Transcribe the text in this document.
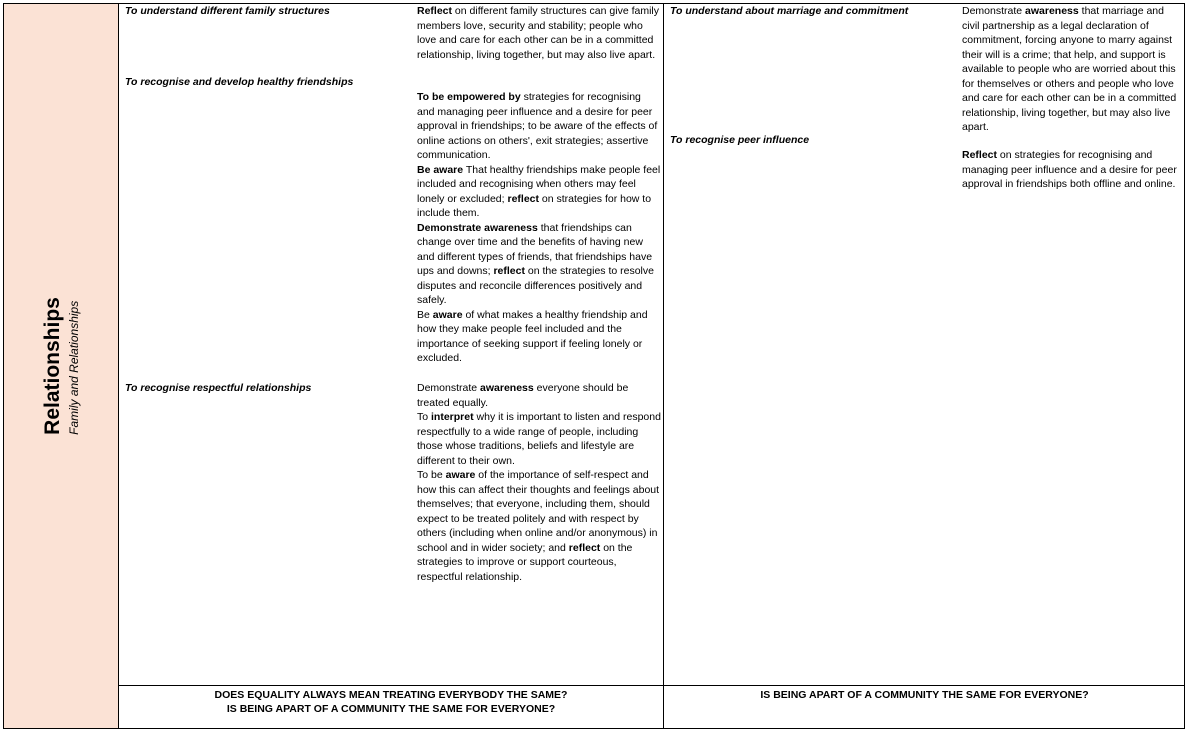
Relationships Family and Relationships
To understand different family structures
To recognise and develop healthy friendships
To recognise respectful relationships

Reflect on different family structures can give family members love, security and stability; people who love and care for each other can be in a committed relationship, living together, but may also live apart.

To be empowered by strategies for recognising and managing peer influence and a desire for peer approval in friendships; to be aware of the effects of online actions on others', exit strategies; assertive communication.

Be aware That healthy friendships make people feel included and recognising when others may feel lonely or excluded; reflect on strategies for how to include them.

Demonstrate awareness that friendships can change over time and the benefits of having new and different types of friends, that friendships have ups and downs; reflect on the strategies to resolve disputes and reconcile differences positively and safely.

Be aware of what makes a healthy friendship and how they make people feel included and the importance of seeking support if feeling lonely or excluded.

Demonstrate awareness everyone should be treated equally.

To interpret why it is important to listen and respond respectfully to a wide range of people, including those whose traditions, beliefs and lifestyle are different to their own.

To be aware of the importance of self-respect and how this can affect their thoughts and feelings about themselves; that everyone, including them, should expect to be treated politely and with respect by others (including when online and/or anonymous) in school and in wider society; and reflect on the strategies to improve or support courteous, respectful relationship.

DOES EQUALITY ALWAYS MEAN TREATING EVERYBODY THE SAME?
IS BEING APART OF A COMMUNITY THE SAME FOR EVERYONE?
To understand about marriage and commitment
To recognise peer influence

Demonstrate awareness that marriage and civil partnership as a legal declaration of commitment, forcing anyone to marry against their will is a crime; that help, and support is available to people who are worried about this for themselves or others and people who love and care for each other can be in a committed relationship, living together, but may also live apart.

Reflect on strategies for recognising and managing peer influence and a desire for peer approval in friendships both offline and online.

IS BEING APART OF A COMMUNITY THE SAME FOR EVERYONE?
